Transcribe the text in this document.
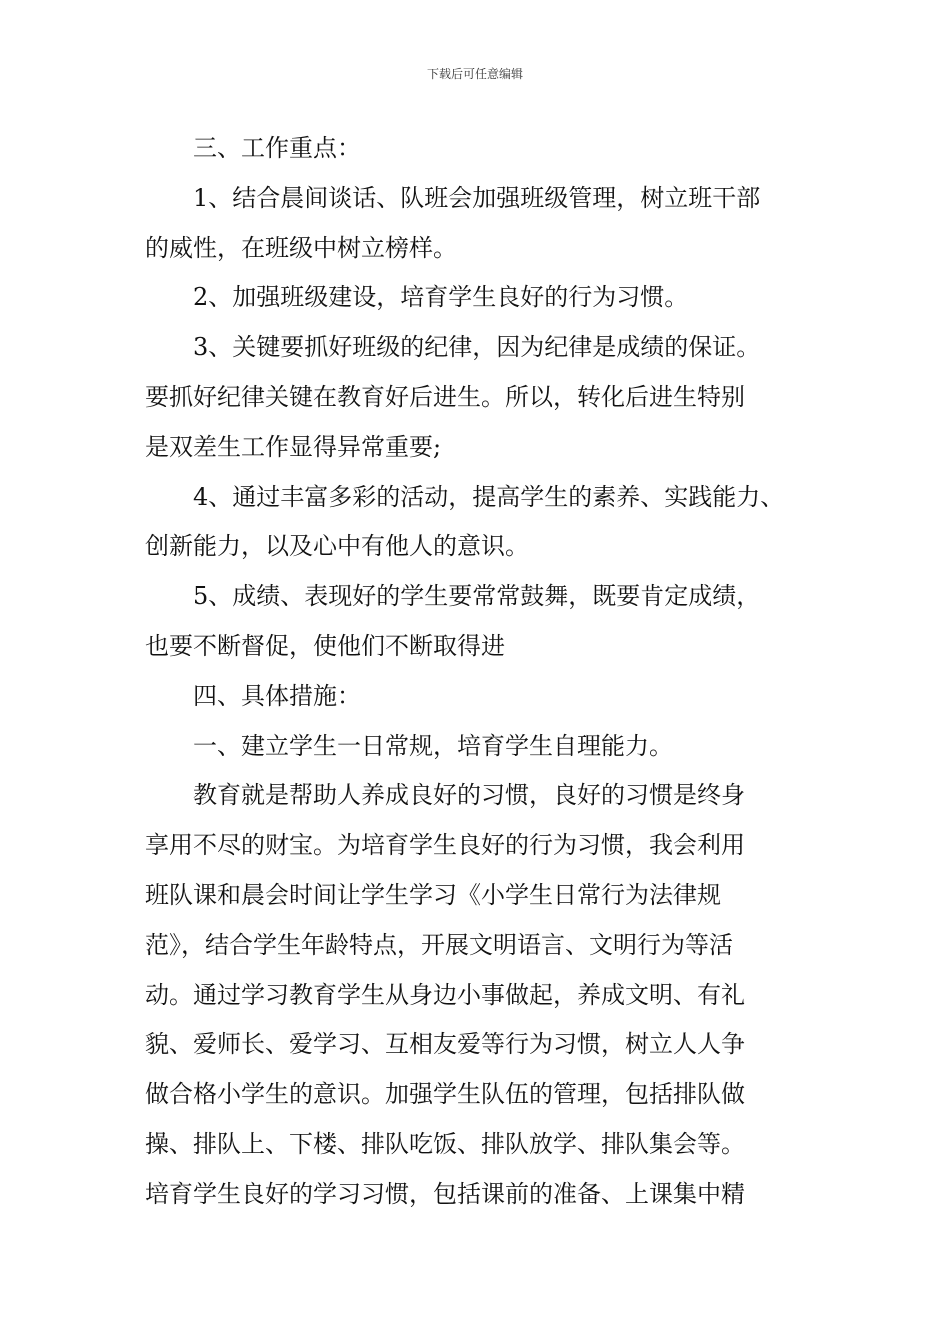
下载后可任意编辑

三、工作重点：

1、结合晨间谈话、队班会加强班级管理，树立班干部
的威性，在班级中树立榜样。

2、加强班级建设，培育学生良好的行为习惯。

3、关键要抓好班级的纪律，因为纪律是成绩的保证。
要抓好纪律关键在教育好后进生。所以，转化后进生特别
是双差生工作显得异常重要;

4、通过丰富多彩的活动，提高学生的素养、实践能力、
创新能力，以及心中有他人的意识。

5、成绩、表现好的学生要常常鼓舞，既要肯定成绩，
也要不断督促，使他们不断取得进

四、具体措施：

一、建立学生一日常规，培育学生自理能力。

教育就是帮助人养成良好的习惯，良好的习惯是终身
享用不尽的财宝。为培育学生良好的行为习惯，我会利用
班队课和晨会时间让学生学习《小学生日常行为法律规
范》，结合学生年龄特点，开展文明语言、文明行为等活
动。通过学习教育学生从身边小事做起，养成文明、有礼
貌、爱师长、爱学习、互相友爱等行为习惯，树立人人争
做合格小学生的意识。加强学生队伍的管理，包括排队做
操、排队上、下楼、排队吃饭、排队放学、排队集会等。
培育学生良好的学习习惯，包括课前的准备、上课集中精
